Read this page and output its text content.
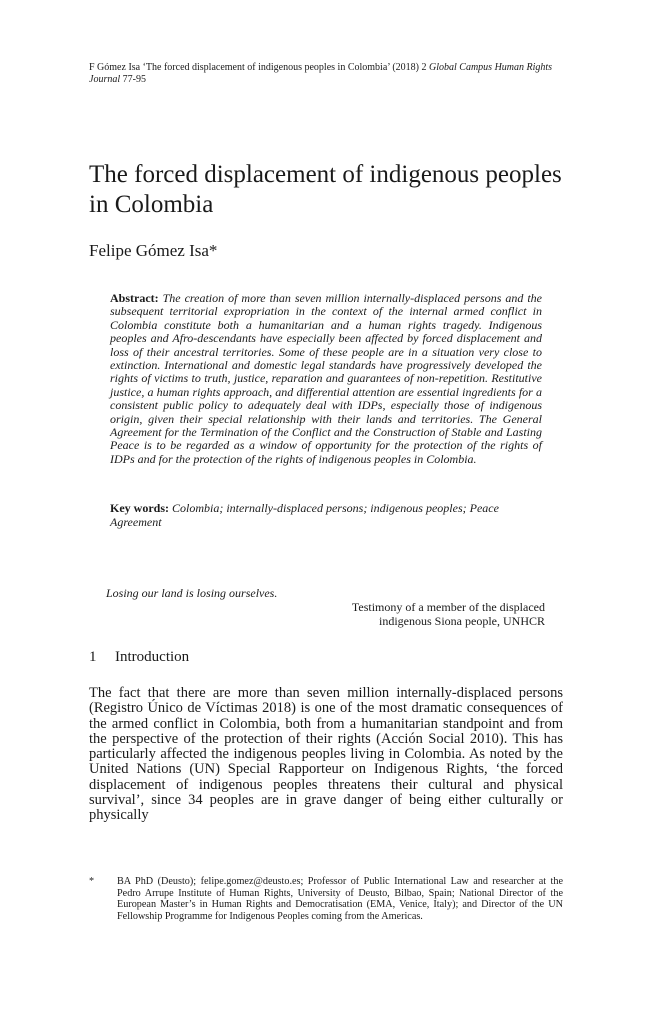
F Gómez Isa ‘The forced displacement of indigenous peoples in Colombia’ (2018) 2 Global Campus Human Rights Journal 77-95
The forced displacement of indigenous peoples in Colombia
Felipe Gómez Isa*

Abstract: The creation of more than seven million internally-displaced persons and the subsequent territorial expropriation in the context of the internal armed conflict in Colombia constitute both a humanitarian and a human rights tragedy. Indigenous peoples and Afro-descendants have especially been affected by forced displacement and loss of their ancestral territories. Some of these people are in a situation very close to extinction. International and domestic legal standards have progressively developed the rights of victims to truth, justice, reparation and guarantees of non-repetition. Restitutive justice, a human rights approach, and differential attention are essential ingredients for a consistent public policy to adequately deal with IDPs, especially those of indigenous origin, given their special relationship with their lands and territories. The General Agreement for the Termination of the Conflict and the Construction of Stable and Lasting Peace is to be regarded as a window of opportunity for the protection of the rights of IDPs and for the protection of the rights of indigenous peoples in Colombia.

Key words: Colombia; internally-displaced persons; indigenous peoples; Peace Agreement

Losing our land is losing ourselves.

Testimony of a member of the displaced
indigenous Siona people, UNHCR

1 Introduction

The fact that there are more than seven million internally-displaced persons (Registro Único de Víctimas 2018) is one of the most dramatic consequences of the armed conflict in Colombia, both from a humanitarian standpoint and from the perspective of the protection of their rights (Acción Social 2010). This has particularly affected the indigenous peoples living in Colombia. As noted by the United Nations (UN) Special Rapporteur on Indigenous Rights, ‘the forced displacement of indigenous peoples threatens their cultural and physical survival’, since 34 peoples are in grave danger of being either culturally or physically

* BA PhD (Deusto); felipe.gomez@deusto.es; Professor of Public International Law and researcher at the Pedro Arrupe Institute of Human Rights, University of Deusto, Bilbao, Spain; National Director of the European Master’s in Human Rights and Democratisation (EMA, Venice, Italy); and Director of the UN Fellowship Programme for Indigenous Peoples coming from the Americas.
